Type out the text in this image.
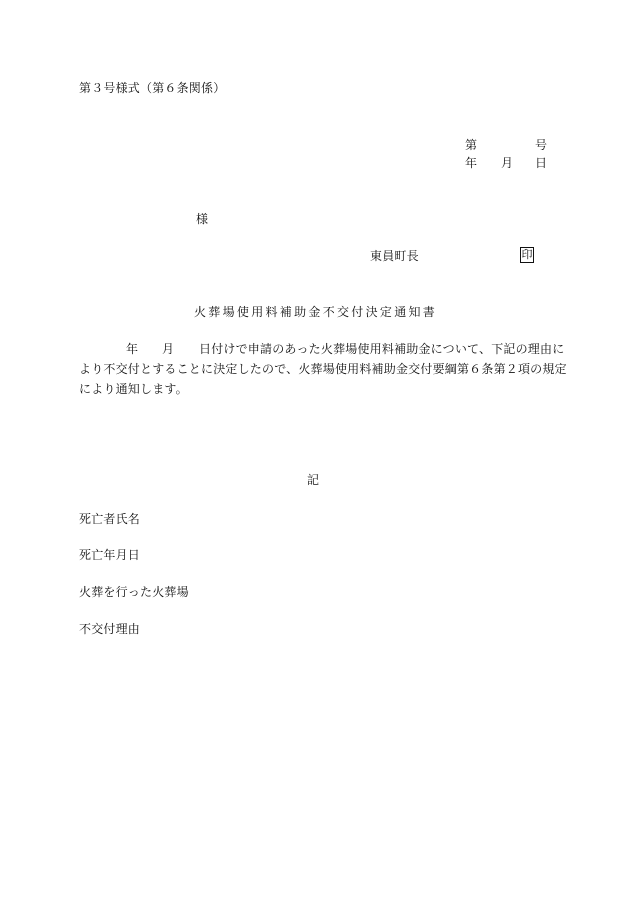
第３号様式（第６条関係）
第	号
年 月 日
様
東員町長	印
火葬場使用料補助金不交付決定通知書
年 月 日付けで申請のあった火葬場使用料補助金について、下記の理由に
より不交付とすることに決定したので、火葬場使用料補助金交付要綱第６条第２項の規定
により通知します。
記
死亡者氏名
死亡年月日
火葬を行った火葬場
不交付理由
